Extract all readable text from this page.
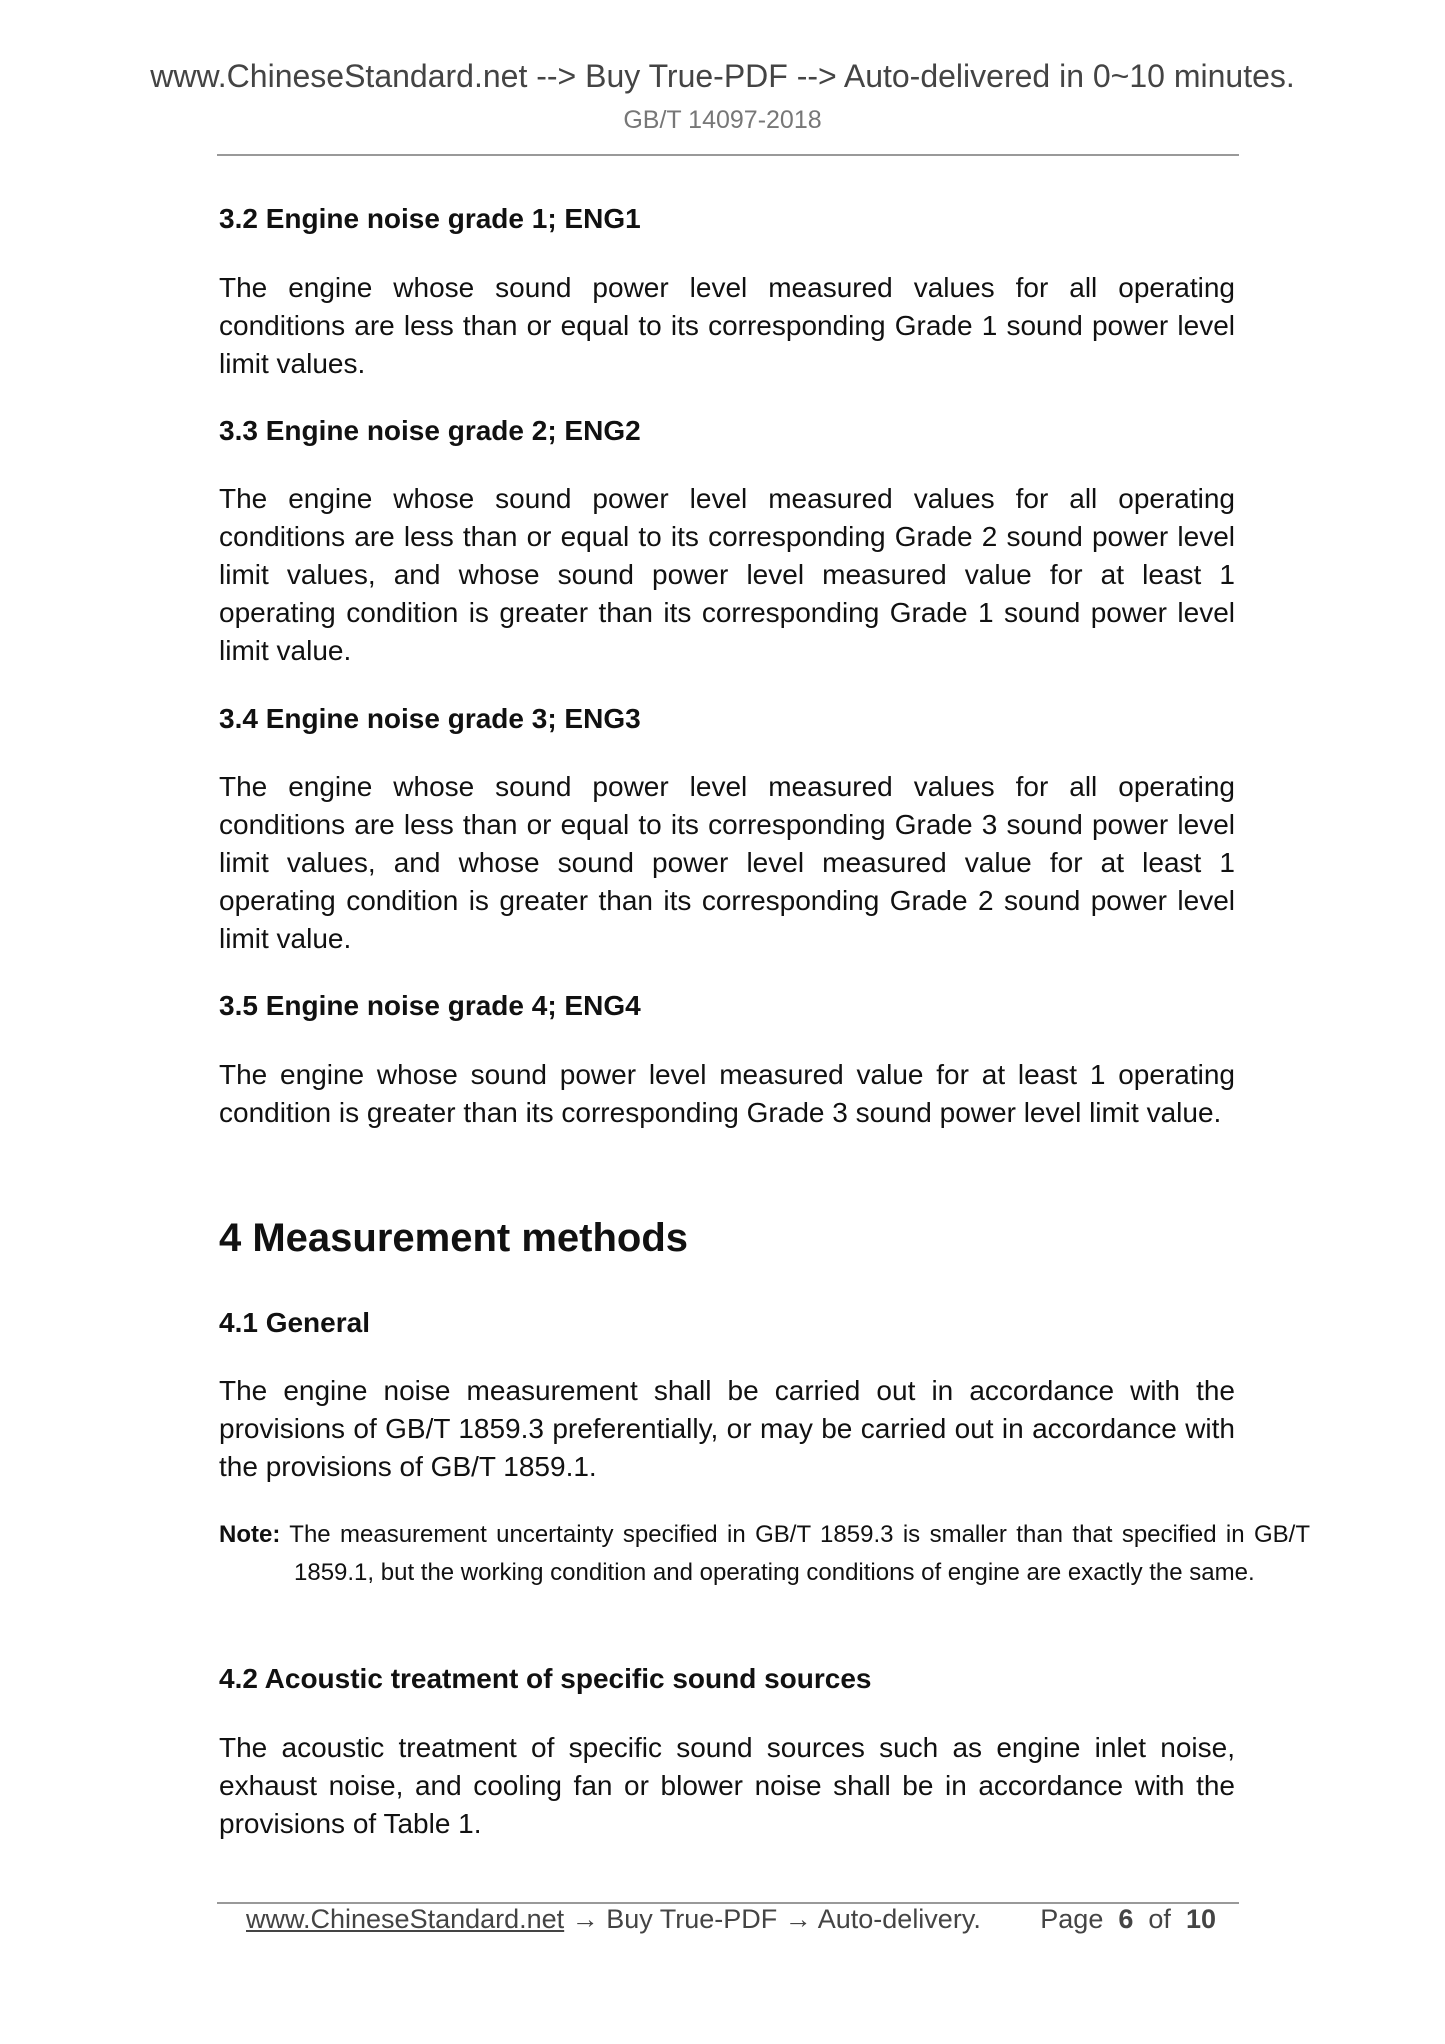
www.ChineseStandard.net --> Buy True-PDF --> Auto-delivered in 0~10 minutes.
GB/T 14097-2018
3.2 Engine noise grade 1; ENG1
The engine whose sound power level measured values for all operating conditions are less than or equal to its corresponding Grade 1 sound power level limit values.
3.3 Engine noise grade 2; ENG2
The engine whose sound power level measured values for all operating conditions are less than or equal to its corresponding Grade 2 sound power level limit values, and whose sound power level measured value for at least 1 operating condition is greater than its corresponding Grade 1 sound power level limit value.
3.4 Engine noise grade 3; ENG3
The engine whose sound power level measured values for all operating conditions are less than or equal to its corresponding Grade 3 sound power level limit values, and whose sound power level measured value for at least 1 operating condition is greater than its corresponding Grade 2 sound power level limit value.
3.5 Engine noise grade 4; ENG4
The engine whose sound power level measured value for at least 1 operating condition is greater than its corresponding Grade 3 sound power level limit value.
4 Measurement methods
4.1 General
The engine noise measurement shall be carried out in accordance with the provisions of GB/T 1859.3 preferentially, or may be carried out in accordance with the provisions of GB/T 1859.1.
Note: The measurement uncertainty specified in GB/T 1859.3 is smaller than that specified in GB/T 1859.1, but the working condition and operating conditions of engine are exactly the same.
4.2 Acoustic treatment of specific sound sources
The acoustic treatment of specific sound sources such as engine inlet noise, exhaust noise, and cooling fan or blower noise shall be in accordance with the provisions of Table 1.
www.ChineseStandard.net → Buy True-PDF → Auto-delivery. Page 6 of 10
